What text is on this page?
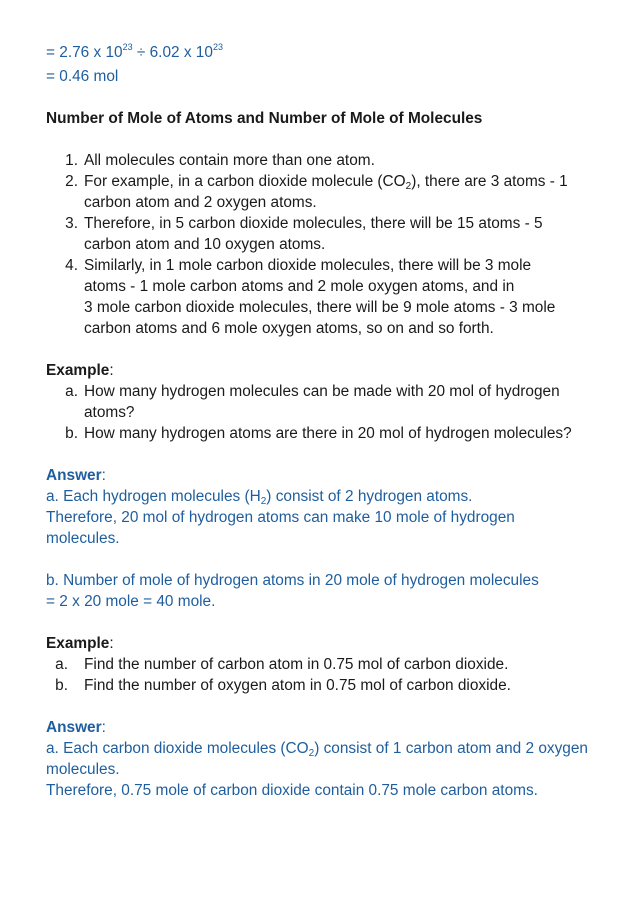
= 2.76 x $10^{23} \div 6.02$ x $10^{23}$
= 0.46 mol
Number of Mole of Atoms and Number of Mole of Molecules
1. All molecules contain more than one atom.
2. For example, in a carbon dioxide molecule $(CO_2)$, there are 3 atoms - 1
carbon atom and 2 oxygen atoms.
3. Therefore, in 5 carbon dioxide molecules, there will be 15 atoms - 5
carbon atom and 10 oxygen atoms.
4. Similarly, in 1 mole carbon dioxide molecules, there will be 3 mole
atoms - 1 mole carbon atoms and 2 mole oxygen atoms, and in
3 mole carbon dioxide molecules, there will be 9 mole atoms - 3 mole
carbon atoms and 6 mole oxygen atoms, so on and so forth.
Example:
a. How many hydrogen molecules can be made with 20 mol of hydrogen
atoms?
b. How many hydrogen atoms are there in 20 mol of hydrogen molecules?
Answer:
a. Each hydrogen molecules $(H_2)$ consist of 2 hydrogen atoms.
Therefore, 20 mol of hydrogen atoms can make 10 mole of hydrogen
molecules.
b. Number of mole of hydrogen atoms in 20 mole of hydrogen molecules
= 2 x 20 mole = 40 mole.
Example:
a. Find the number of carbon atom in 0.75 mol of carbon dioxide.
b. Find the number of oxygen atom in 0.75 mol of carbon dioxide.
Answer:
a. Each carbon dioxide molecules $(CO_2)$ consist of 1 carbon atom and 2 oxygen
molecules.
Therefore, 0.75 mole of carbon dioxide contain 0.75 mole carbon atoms.
